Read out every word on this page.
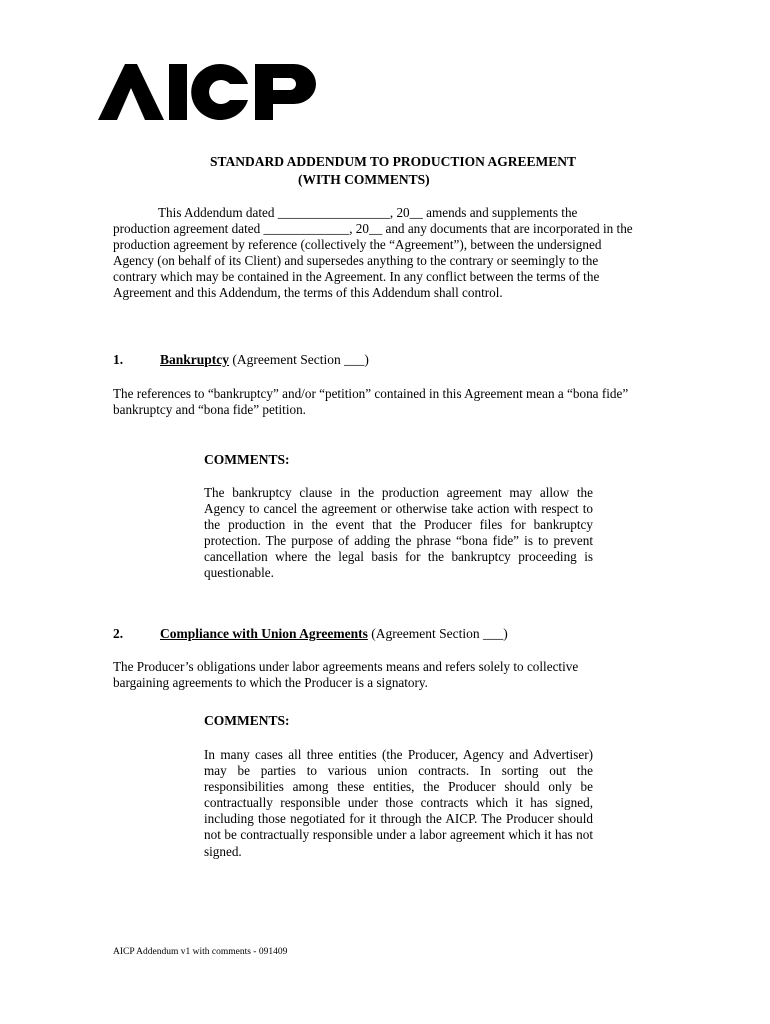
STANDARD ADDENDUM TO PRODUCTION AGREEMENT
(WITH COMMENTS)
This Addendum dated _________________, 20__ amends and supplements the production agreement dated _____________, 20__ and any documents that are incorporated in the production agreement by reference (collectively the “Agreement”), between the undersigned Agency (on behalf of its Client) and supersedes anything to the contrary or seemingly to the contrary which may be contained in the Agreement. In any conflict between the terms of the Agreement and this Addendum, the terms of this Addendum shall control.
1.	Bankruptcy (Agreement Section ___)
The references to “bankruptcy” and/or “petition” contained in this Agreement mean a “bona fide” bankruptcy and “bona fide” petition.
COMMENTS:
The bankruptcy clause in the production agreement may allow the Agency to cancel the agreement or otherwise take action with respect to the production in the event that the Producer files for bankruptcy protection. The purpose of adding the phrase “bona fide” is to prevent cancellation where the legal basis for the bankruptcy proceeding is questionable.
2.	Compliance with Union Agreements (Agreement Section ___)
The Producer’s obligations under labor agreements means and refers solely to collective bargaining agreements to which the Producer is a signatory.
COMMENTS:
In many cases all three entities (the Producer, Agency and Advertiser) may be parties to various union contracts. In sorting out the responsibilities among these entities, the Producer should only be contractually responsible under those contracts which it has signed, including those negotiated for it through the AICP. The Producer should not be contractually responsible under a labor agreement which it has not signed.
AICP Addendum v1 with comments - 091409
